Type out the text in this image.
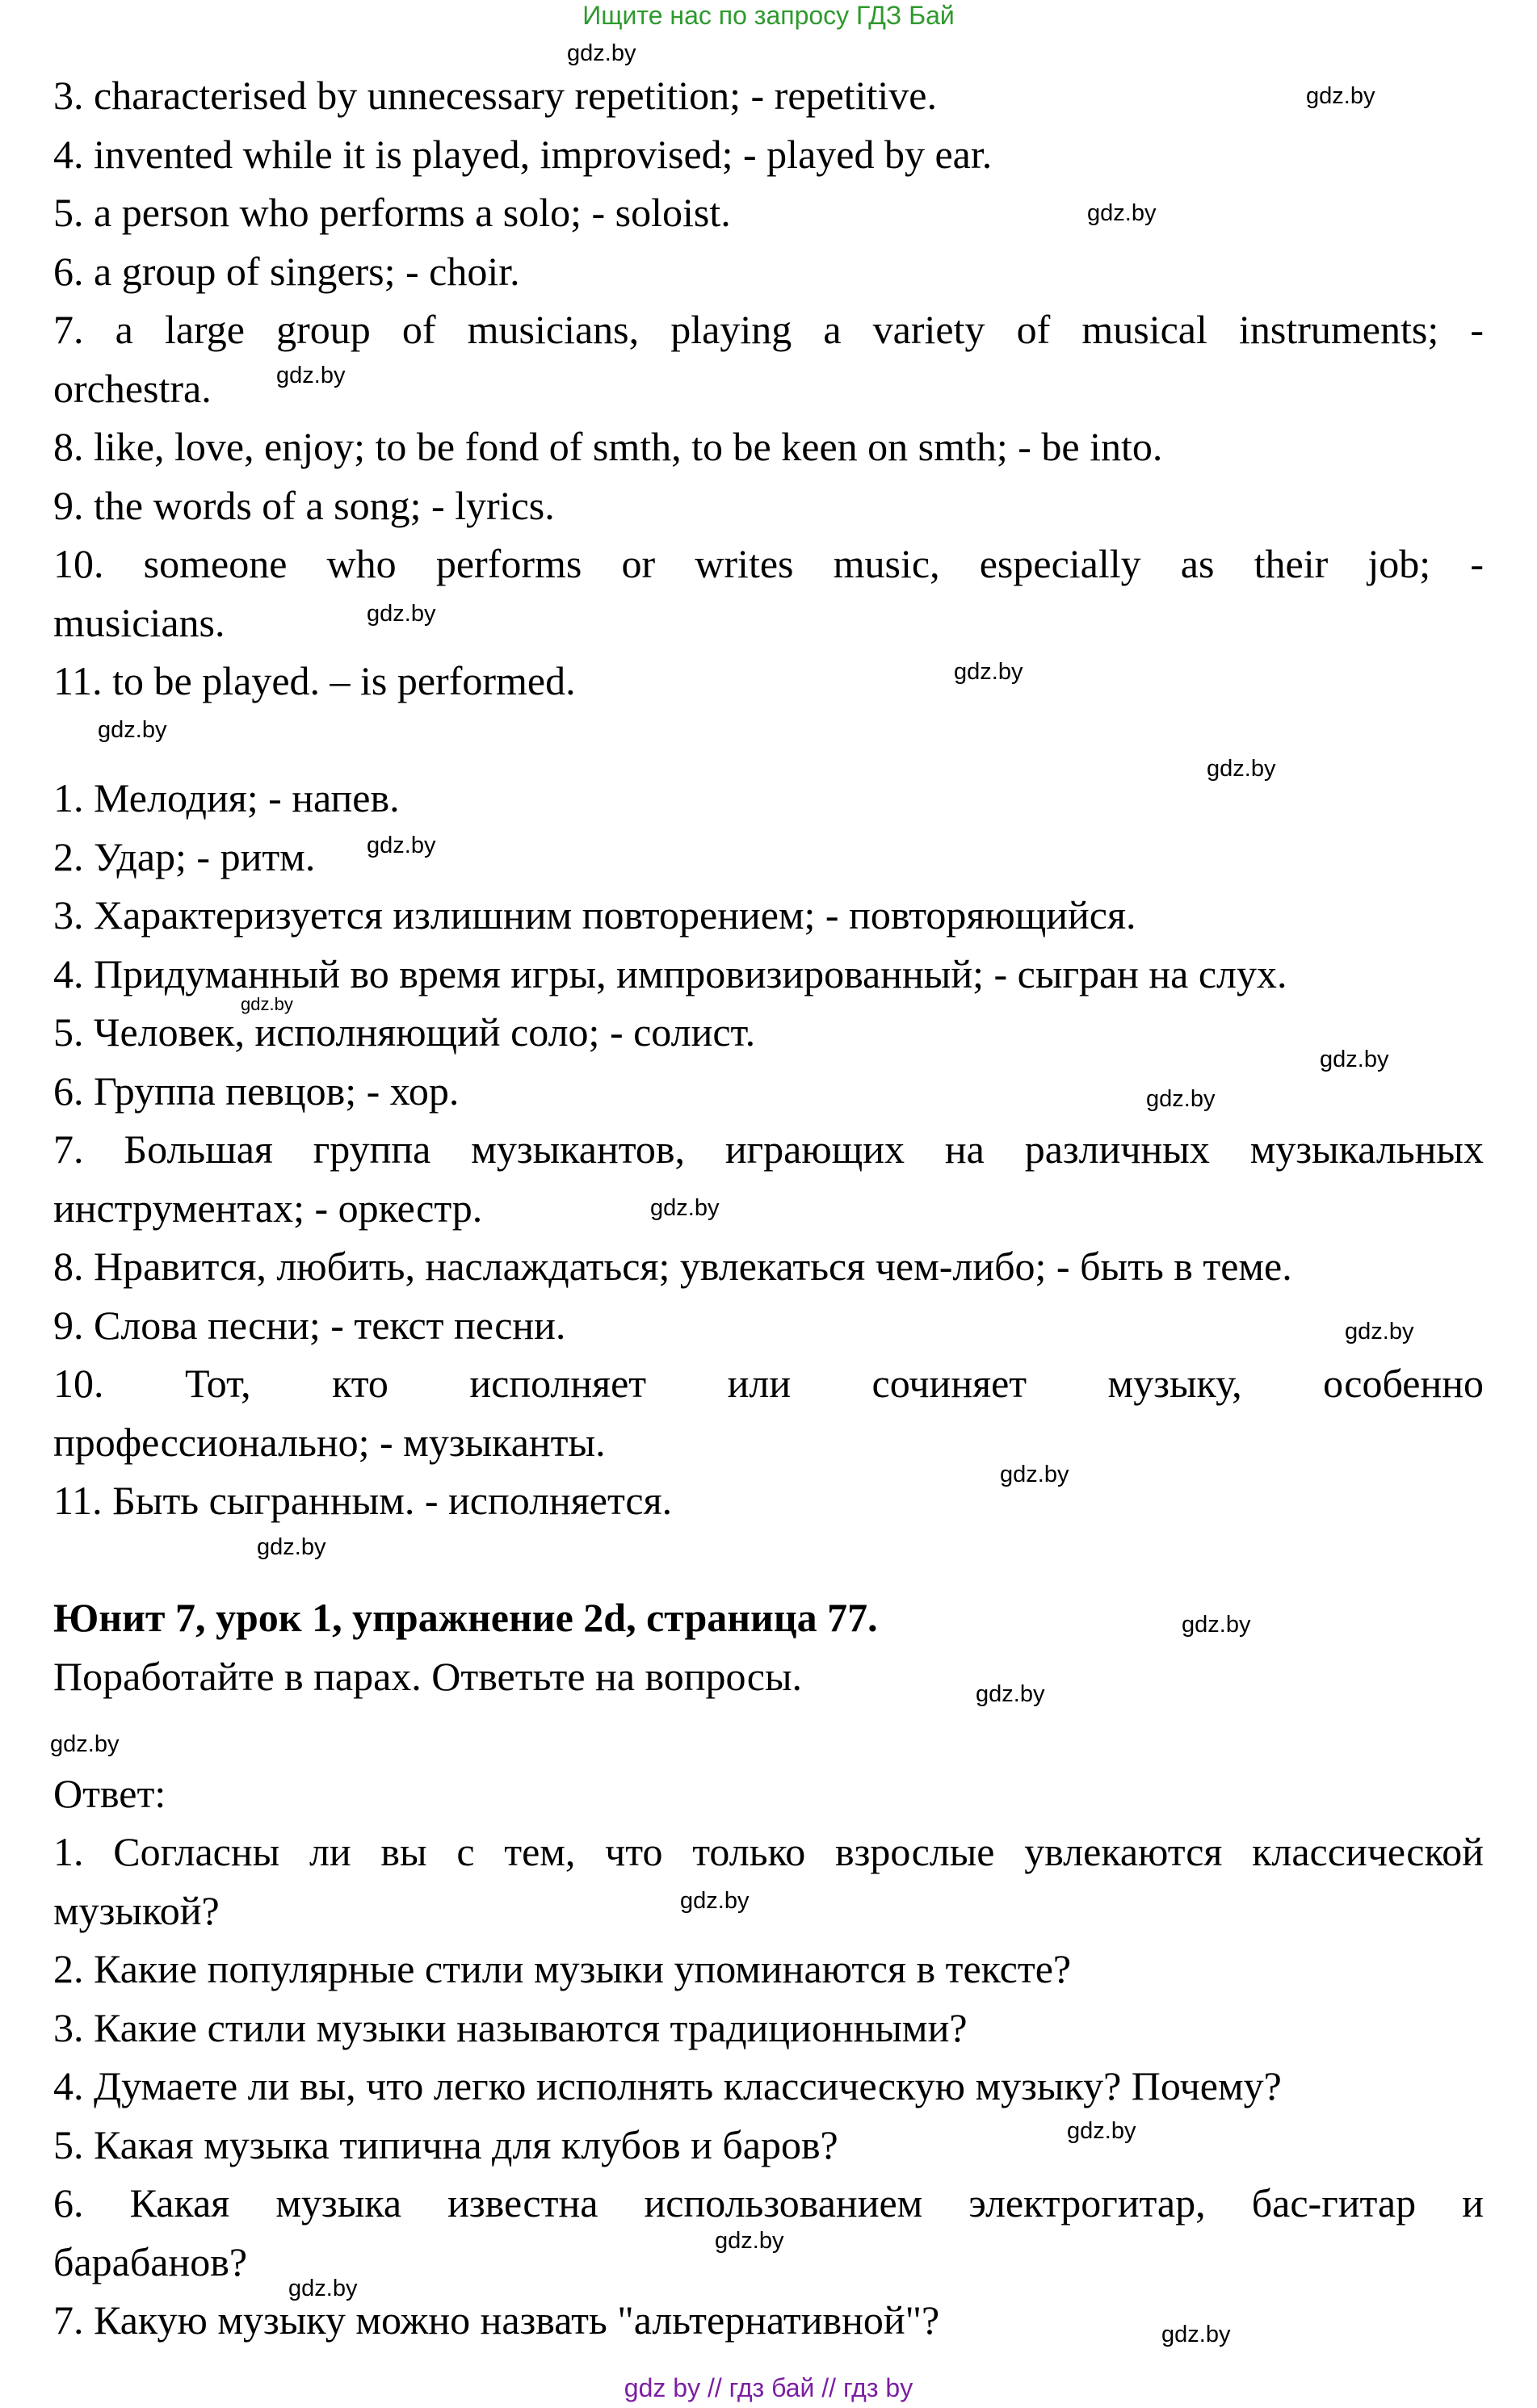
Ищите нас по запросу ГДЗ Бай
3. characterised by unnecessary repetition; - repetitive.
4. invented while it is played, improvised; - played by ear.
5. a person who performs a solo; - soloist.
6. a group of singers; - choir.
7. a large group of musicians, playing a variety of musical instruments; -
orchestra.
8. like, love, enjoy; to be fond of smth, to be keen on smth; - be into.
9. the words of a song; - lyrics.
10. someone who performs or writes music, especially as their job; -
musicians.
11. to be played. – is performed.
1. Мелодия; - напев.
2. Удар; - ритм.
3. Характеризуется излишним повторением; - повторяющийся.
4. Придуманный во время игры, импровизированный; - сыгран на слух.
5. Человек, исполняющий соло; - солист.
6. Группа певцов; - хор.
7. Большая группа музыкантов, играющих на различных музыкальных
инструментах; - оркестр.
8. Нравится, любить, наслаждаться; увлекаться чем-либо; - быть в теме.
9. Слова песни; - текст песни.
10. Тот, кто исполняет или сочиняет музыку, особенно
профессионально; - музыканты.
11. Быть сыгранным. - исполняется.
Юнит 7, урок 1, упражнение 2d, страница 77.
Поработайте в парах. Ответьте на вопросы.
Ответ:
1. Согласны ли вы с тем, что только взрослые увлекаются классической
музыкой?
2. Какие популярные стили музыки упоминаются в тексте?
3. Какие стили музыки называются традиционными?
4. Думаете ли вы, что легко исполнять классическую музыку? Почему?
5. Какая музыка типична для клубов и баров?
6. Какая музыка известна использованием электрогитар, бас-гитар и
барабанов?
7. Какую музыку можно назвать "альтернативной"?
gdz.by
gdz.by
gdz.by
gdz.by
gdz.by
gdz.by
gdz.by
gdz.by
gdz.by
gdz.by
gdz.by
gdz.by
gdz.by
gdz.by
gdz.by
gdz.by
gdz.by
gdz.by
gdz.by
gdz.by
gdz.by
gdz.by
gdz.by
gdz.by
gdz by // гдз бай // гдз by
